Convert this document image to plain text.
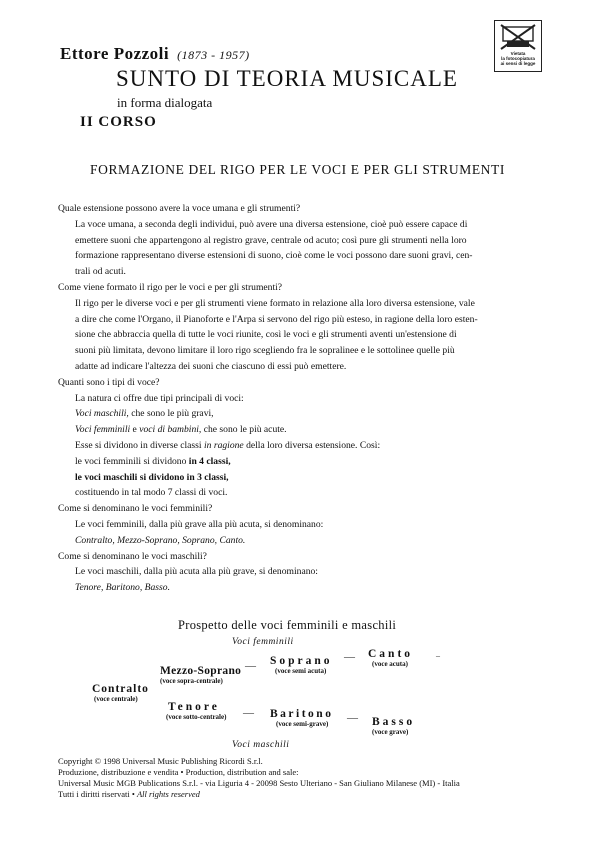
Ettore Pozzoli (1873 - 1957)
SUNTO DI TEORIA MUSICALE
in forma dialogata
II CORSO
Vietata
la fotocopiatura
ai sensi di legge
FORMAZIONE DEL RIGO PER LE VOCI E PER GLI STRUMENTI
Quale estensione possono avere la voce umana e gli strumenti?
La voce umana, a seconda degli individui, può avere una diversa estensione, cioè può essere capace di
emettere suoni che appartengono al registro grave, centrale od acuto; così pure gli strumenti nella loro
formazione rappresentano diverse estensioni di suono, cioè come le voci possono dare suoni gravi, cen-
trali od acuti.
Come viene formato il rigo per le voci e per gli strumenti?
Il rigo per le diverse voci e per gli strumenti viene formato in relazione alla loro diversa estensione, vale
a dire che come l'Organo, il Pianoforte e l'Arpa si servono del rigo più esteso, in ragione della loro esten-
sione che abbraccia quella di tutte le voci riunite, così le voci e gli strumenti aventi un'estensione di
suoni più limitata, devono limitare il loro rigo scegliendo fra le sopralinee e le sottolinee quelle più
adatte ad indicare l'altezza dei suoni che ciascuno di essi può emettere.
Quanti sono i tipi di voce?
La natura ci offre due tipi principali di voci:
Voci maschili, che sono le più gravi,
Voci femminili e voci di bambini, che sono le più acute.
Esse si dividono in diverse classi in ragione della loro diversa estensione. Così:
le voci femminili si dividono in 4 classi,
le voci maschili si dividono in 3 classi,
costituendo in tal modo 7 classi di voci.
Come si denominano le voci femminili?
Le voci femminili, dalla più grave alla più acuta, si denominano:
Contralto, Mezzo-Soprano, Soprano, Canto.
Come si denominano le voci maschili?
Le voci maschili, dalla più acuta alla più grave, si denominano:
Tenore, Baritono, Basso.
Prospetto delle voci femminili e maschili
Voci femminili
Contralto
(voce centrale)
Mezzo-Soprano
(voce sopra-centrale)
— Soprano
(voce semi acuta)
— Canto
(voce acuta)
–
Tenore
(voce sotto-centrale) — Baritono
(voce semi-grave)	— Basso
(voce grave)
Voci maschili
Copyright © 1998 Universal Music Publishing Ricordi S.r.l.
Produzione, distribuzione e vendita • Production, distribution and sale:
Universal Music MGB Publications S.r.l. - via Liguria 4 - 20098 Sesto Ulteriano - San Giuliano Milanese (MI) - Italia
Tutti i diritti riservati • All rights reserved
